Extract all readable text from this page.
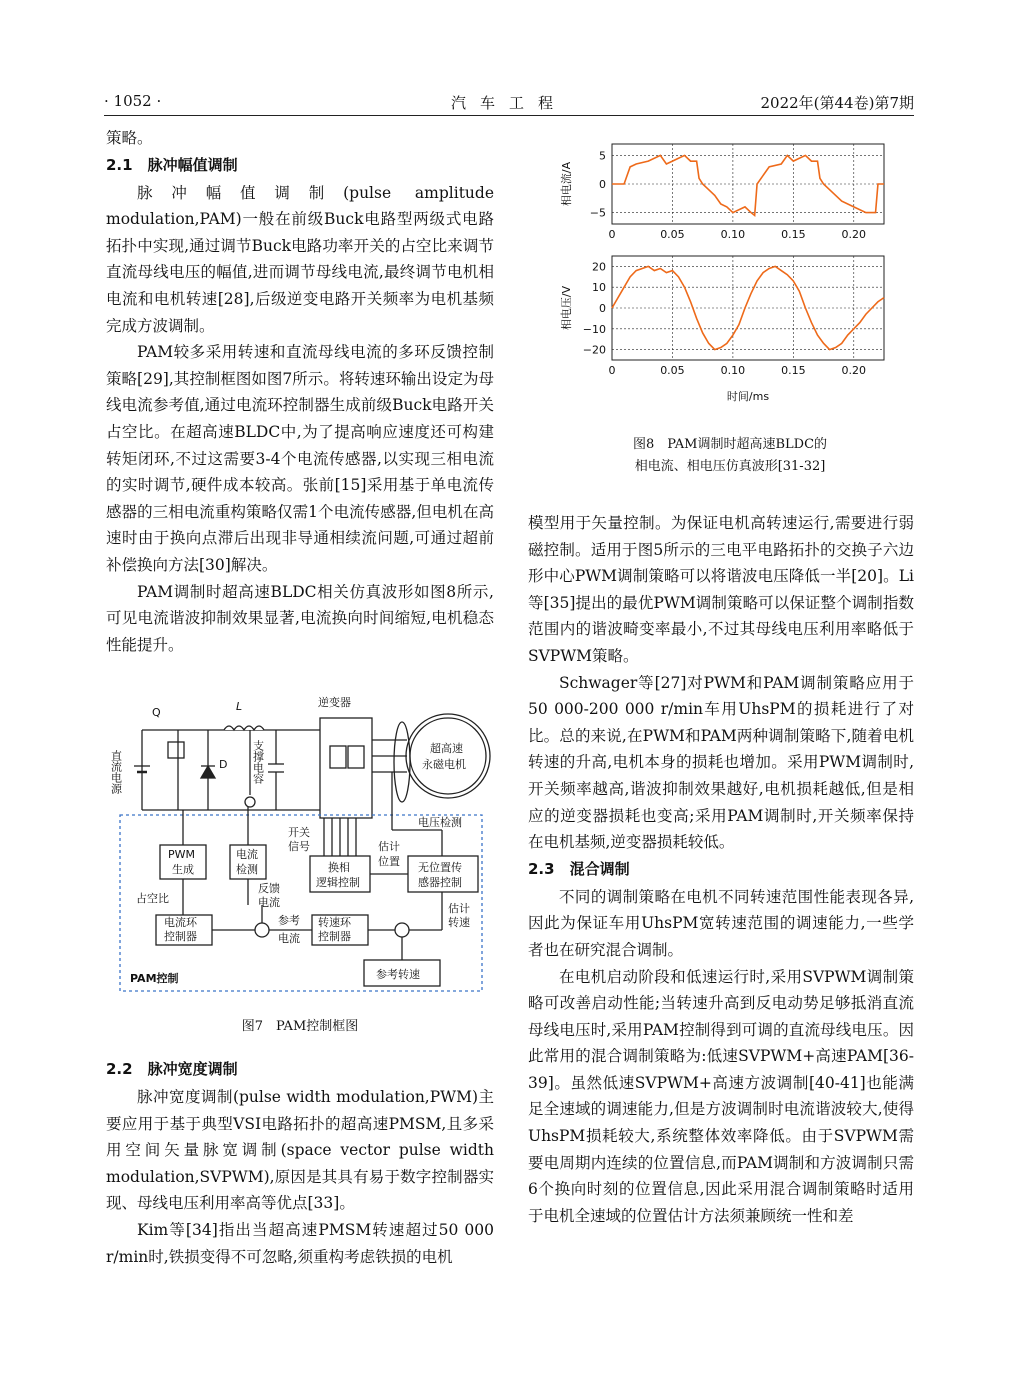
· 1052 ·	汽车工程	2022年(第44卷)第7期

策略。

2.1　脉冲幅值调制

脉冲幅值调制(pulse amplitude modulation,PAM)一般在前级Buck电路型两级式电路拓扑中实现,通过调节Buck电路功率开关的占空比来调节直流母线电压的幅值,进而调节母线电流,最终调节电机相电流和电机转速[28],后级逆变电路开关频率为电机基频完成方波调制。

PAM较多采用转速和直流母线电流的多环反馈控制策略[29],其控制框图如图7所示。将转速环输出设定为母线电流参考值,通过电流环控制器生成前级Buck电路开关占空比。在超高速BLDC中,为了提高响应速度还可构建转矩闭环,不过这需要3-4个电流传感器,以实现三相电流的实时调节,硬件成本较高。张前[15]采用基于单电流传感器的三相电流重构策略仅需1个电流传感器,但电机在高速时由于换向点滞后出现非导通相续流问题,可通过超前补偿换向方法[30]解决。

PAM调制时超高速BLDC相关仿真波形如图8所示,可见电流谐波抑制效果显著,电流换向时间缩短,电机稳态性能提升。

Q	L
D
逆变器
直流电源	支撑电容	超高速
永磁电机
开关
信号
电压检测
PWM
生成
电流
检测	换相
逻辑控制
估计
位置 无位置传
感器控制
占空比
反馈
电流
电流环
控制器
参考
电流
转速环
控制器
估计
转速
参考转速
PAM控制
图7　PAM控制框图

2.2　脉冲宽度调制

脉冲宽度调制(pulse width modulation,PWM)主要应用于基于典型VSI电路拓扑的超高速PMSM,且多采用空间矢量脉宽调制(space vector pulse width modulation,SVPWM),原因是其具有易于数字控制器实现、母线电压利用率高等优点[33]。

Kim等[34]指出当超高速PMSM转速超过50 000 r/min时,铁损变得不可忽略,须重构考虑铁损的电机

0	0.05	0.10	0.15	0.20
5
0
−5
相电流/A
0	0.05	0.10	0.15	0.20
20
10
0
−10
−20
相电压/V
时间/ms
图8　PAM调制时超高速BLDC的
相电流、相电压仿真波形[31-32]

模型用于矢量控制。为保证电机高转速运行,需要进行弱磁控制。适用于图5所示的三电平电路拓扑的交换子六边形中心PWM调制策略可以将谐波电压降低一半[20]。Li等[35]提出的最优PWM调制策略可以保证整个调制指数范围内的谐波畸变率最小,不过其母线电压利用率略低于SVPWM策略。

Schwager等[27]对PWM和PAM调制策略应用于50 000-200 000 r/min车用UhsPM的损耗进行了对比。总的来说,在PWM和PAM两种调制策略下,随着电机转速的升高,电机本身的损耗也增加。采用PWM调制时,开关频率越高,谐波抑制效果越好,电机损耗越低,但是相应的逆变器损耗也变高;采用PAM调制时,开关频率保持在电机基频,逆变器损耗较低。

2.3　混合调制

不同的调制策略在电机不同转速范围性能表现各异,因此为保证车用UhsPM宽转速范围的调速能力,一些学者也在研究混合调制。

在电机启动阶段和低速运行时,采用SVPWM调制策略可改善启动性能;当转速升高到反电动势足够抵消直流母线电压时,采用PAM控制得到可调的直流母线电压。因此常用的混合调制策略为:低速SVPWM+高速PAM[36-39]。虽然低速SVPWM+高速方波调制[40-41]也能满足全速域的调速能力,但是方波调制时电流谐波较大,使得UhsPM损耗较大,系统整体效率降低。由于SVPWM需要电周期内连续的位置信息,而PAM调制和方波调制只需6个换向时刻的位置信息,因此采用混合调制策略时适用于电机全速域的位置估计方法须兼顾统一性和差
